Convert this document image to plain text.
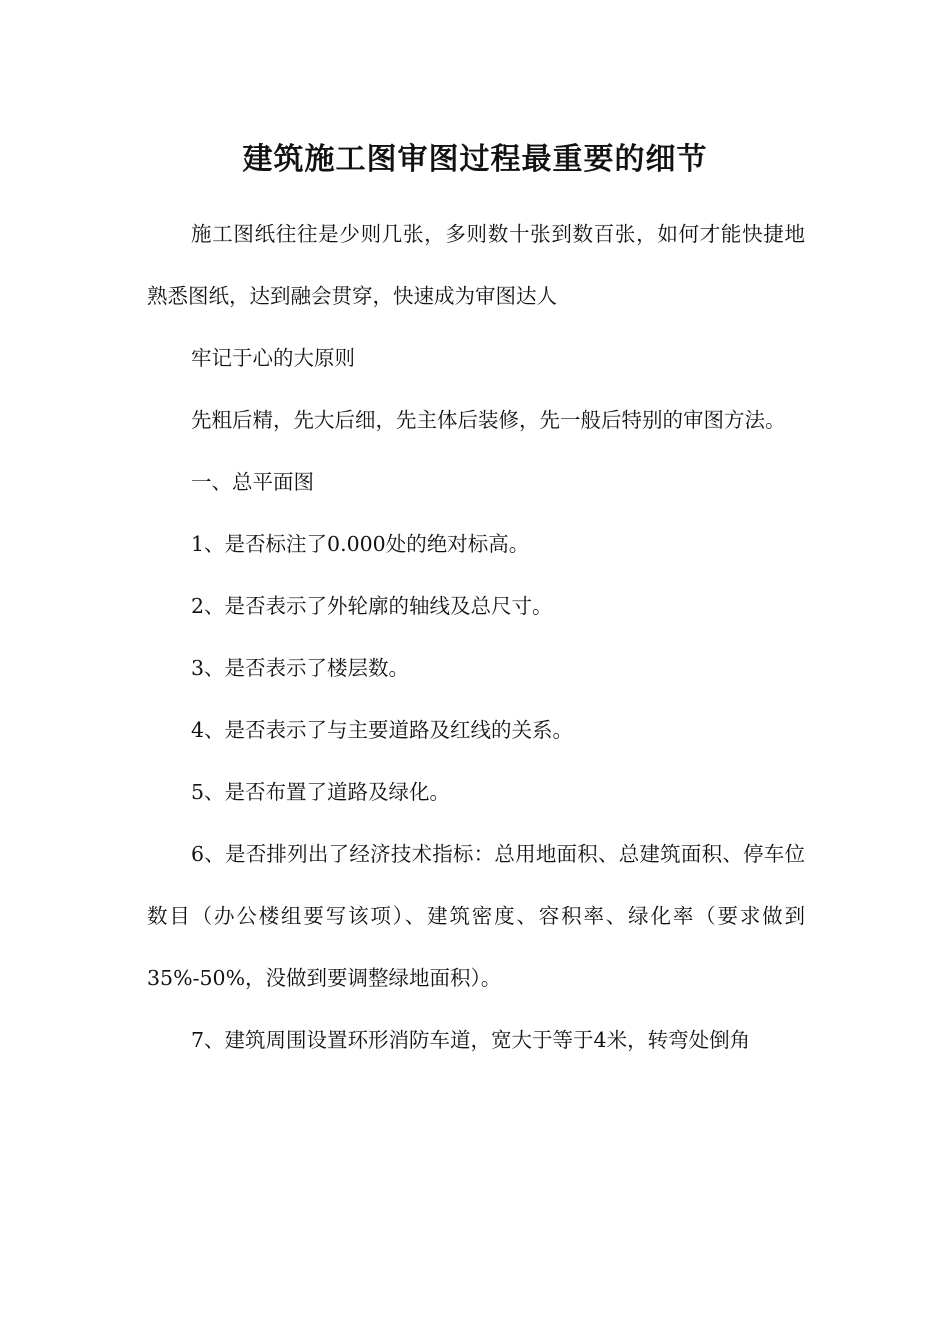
建筑施工图审图过程最重要的细节

施工图纸往往是少则几张，多则数十张到数百张，如何才能快捷地熟悉图纸，达到融会贯穿，快速成为审图达人

牢记于心的大原则

先粗后精，先大后细，先主体后装修，先一般后特别的审图方法。

一、总平面图

1、是否标注了0.000处的绝对标高。

2、是否表示了外轮廓的轴线及总尺寸。

3、是否表示了楼层数。

4、是否表示了与主要道路及红线的关系。

5、是否布置了道路及绿化。

6、是否排列出了经济技术指标：总用地面积、总建筑面积、停车位数目（办公楼组要写该项）、建筑密度、容积率、绿化率（要求做到35%-50%，没做到要调整绿地面积）。

7、建筑周围设置环形消防车道，宽大于等于4米，转弯处倒角
